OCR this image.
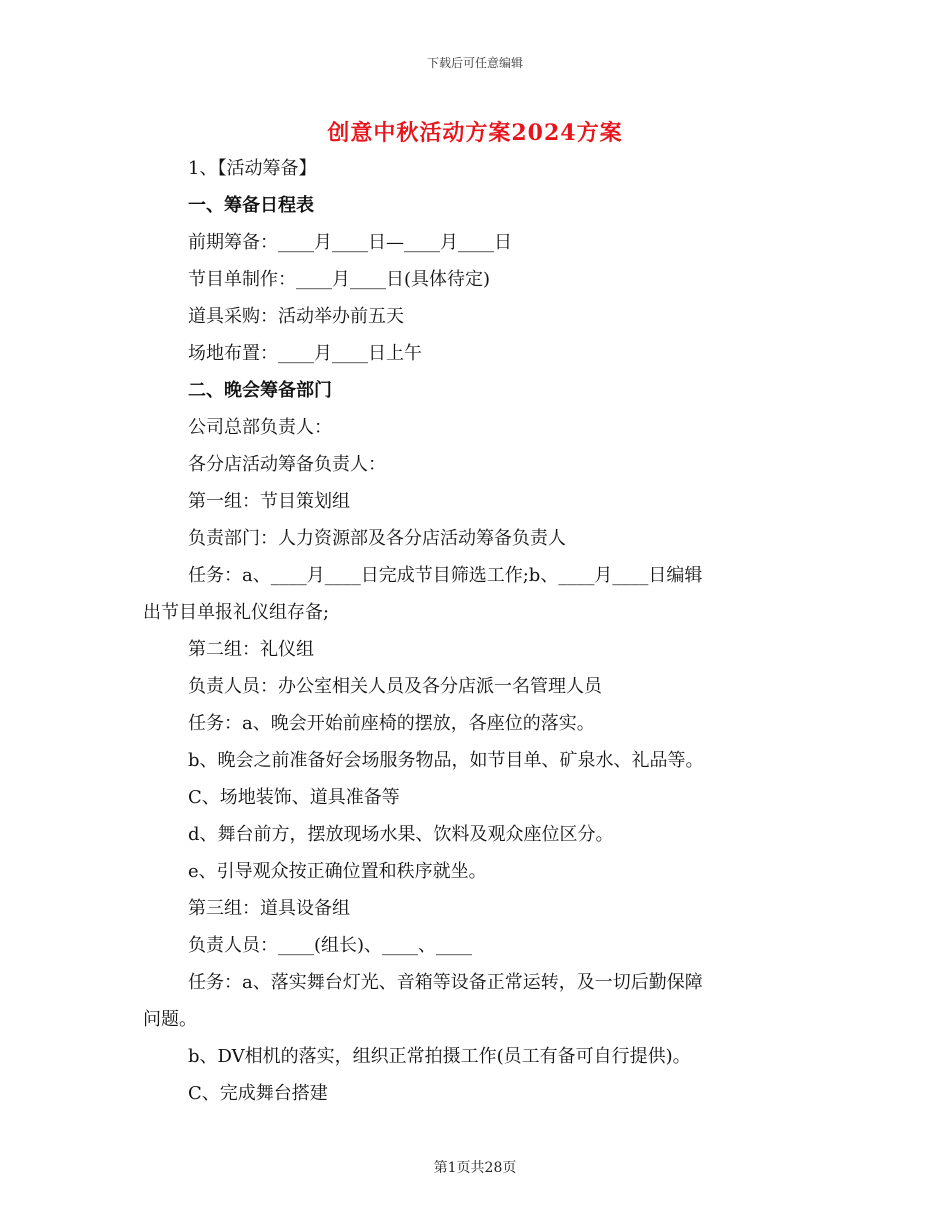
下载后可任意编辑
创意中秋活动方案2024方案
1、【活动筹备】
一、筹备日程表
前期筹备：____月____日—____月____日
节目单制作：____月____日(具体待定)
道具采购：活动举办前五天
场地布置：____月____日上午
二、晚会筹备部门
公司总部负责人：
各分店活动筹备负责人：
第一组：节目策划组
负责部门：人力资源部及各分店活动筹备负责人
任务：a、____月____日完成节目筛选工作;b、____月____日编辑
出节目单报礼仪组存备;
第二组：礼仪组
负责人员：办公室相关人员及各分店派一名管理人员
任务：a、晚会开始前座椅的摆放，各座位的落实。
b、晚会之前准备好会场服务物品，如节目单、矿泉水、礼品等。
C、场地装饰、道具准备等
d、舞台前方，摆放现场水果、饮料及观众座位区分。
e、引导观众按正确位置和秩序就坐。
第三组：道具设备组
负责人员：____(组长)、____、____
任务：a、落实舞台灯光、音箱等设备正常运转，及一切后勤保障
问题。
b、DV相机的落实，组织正常拍摄工作(员工有备可自行提供)。
C、完成舞台搭建
第1页共28页
